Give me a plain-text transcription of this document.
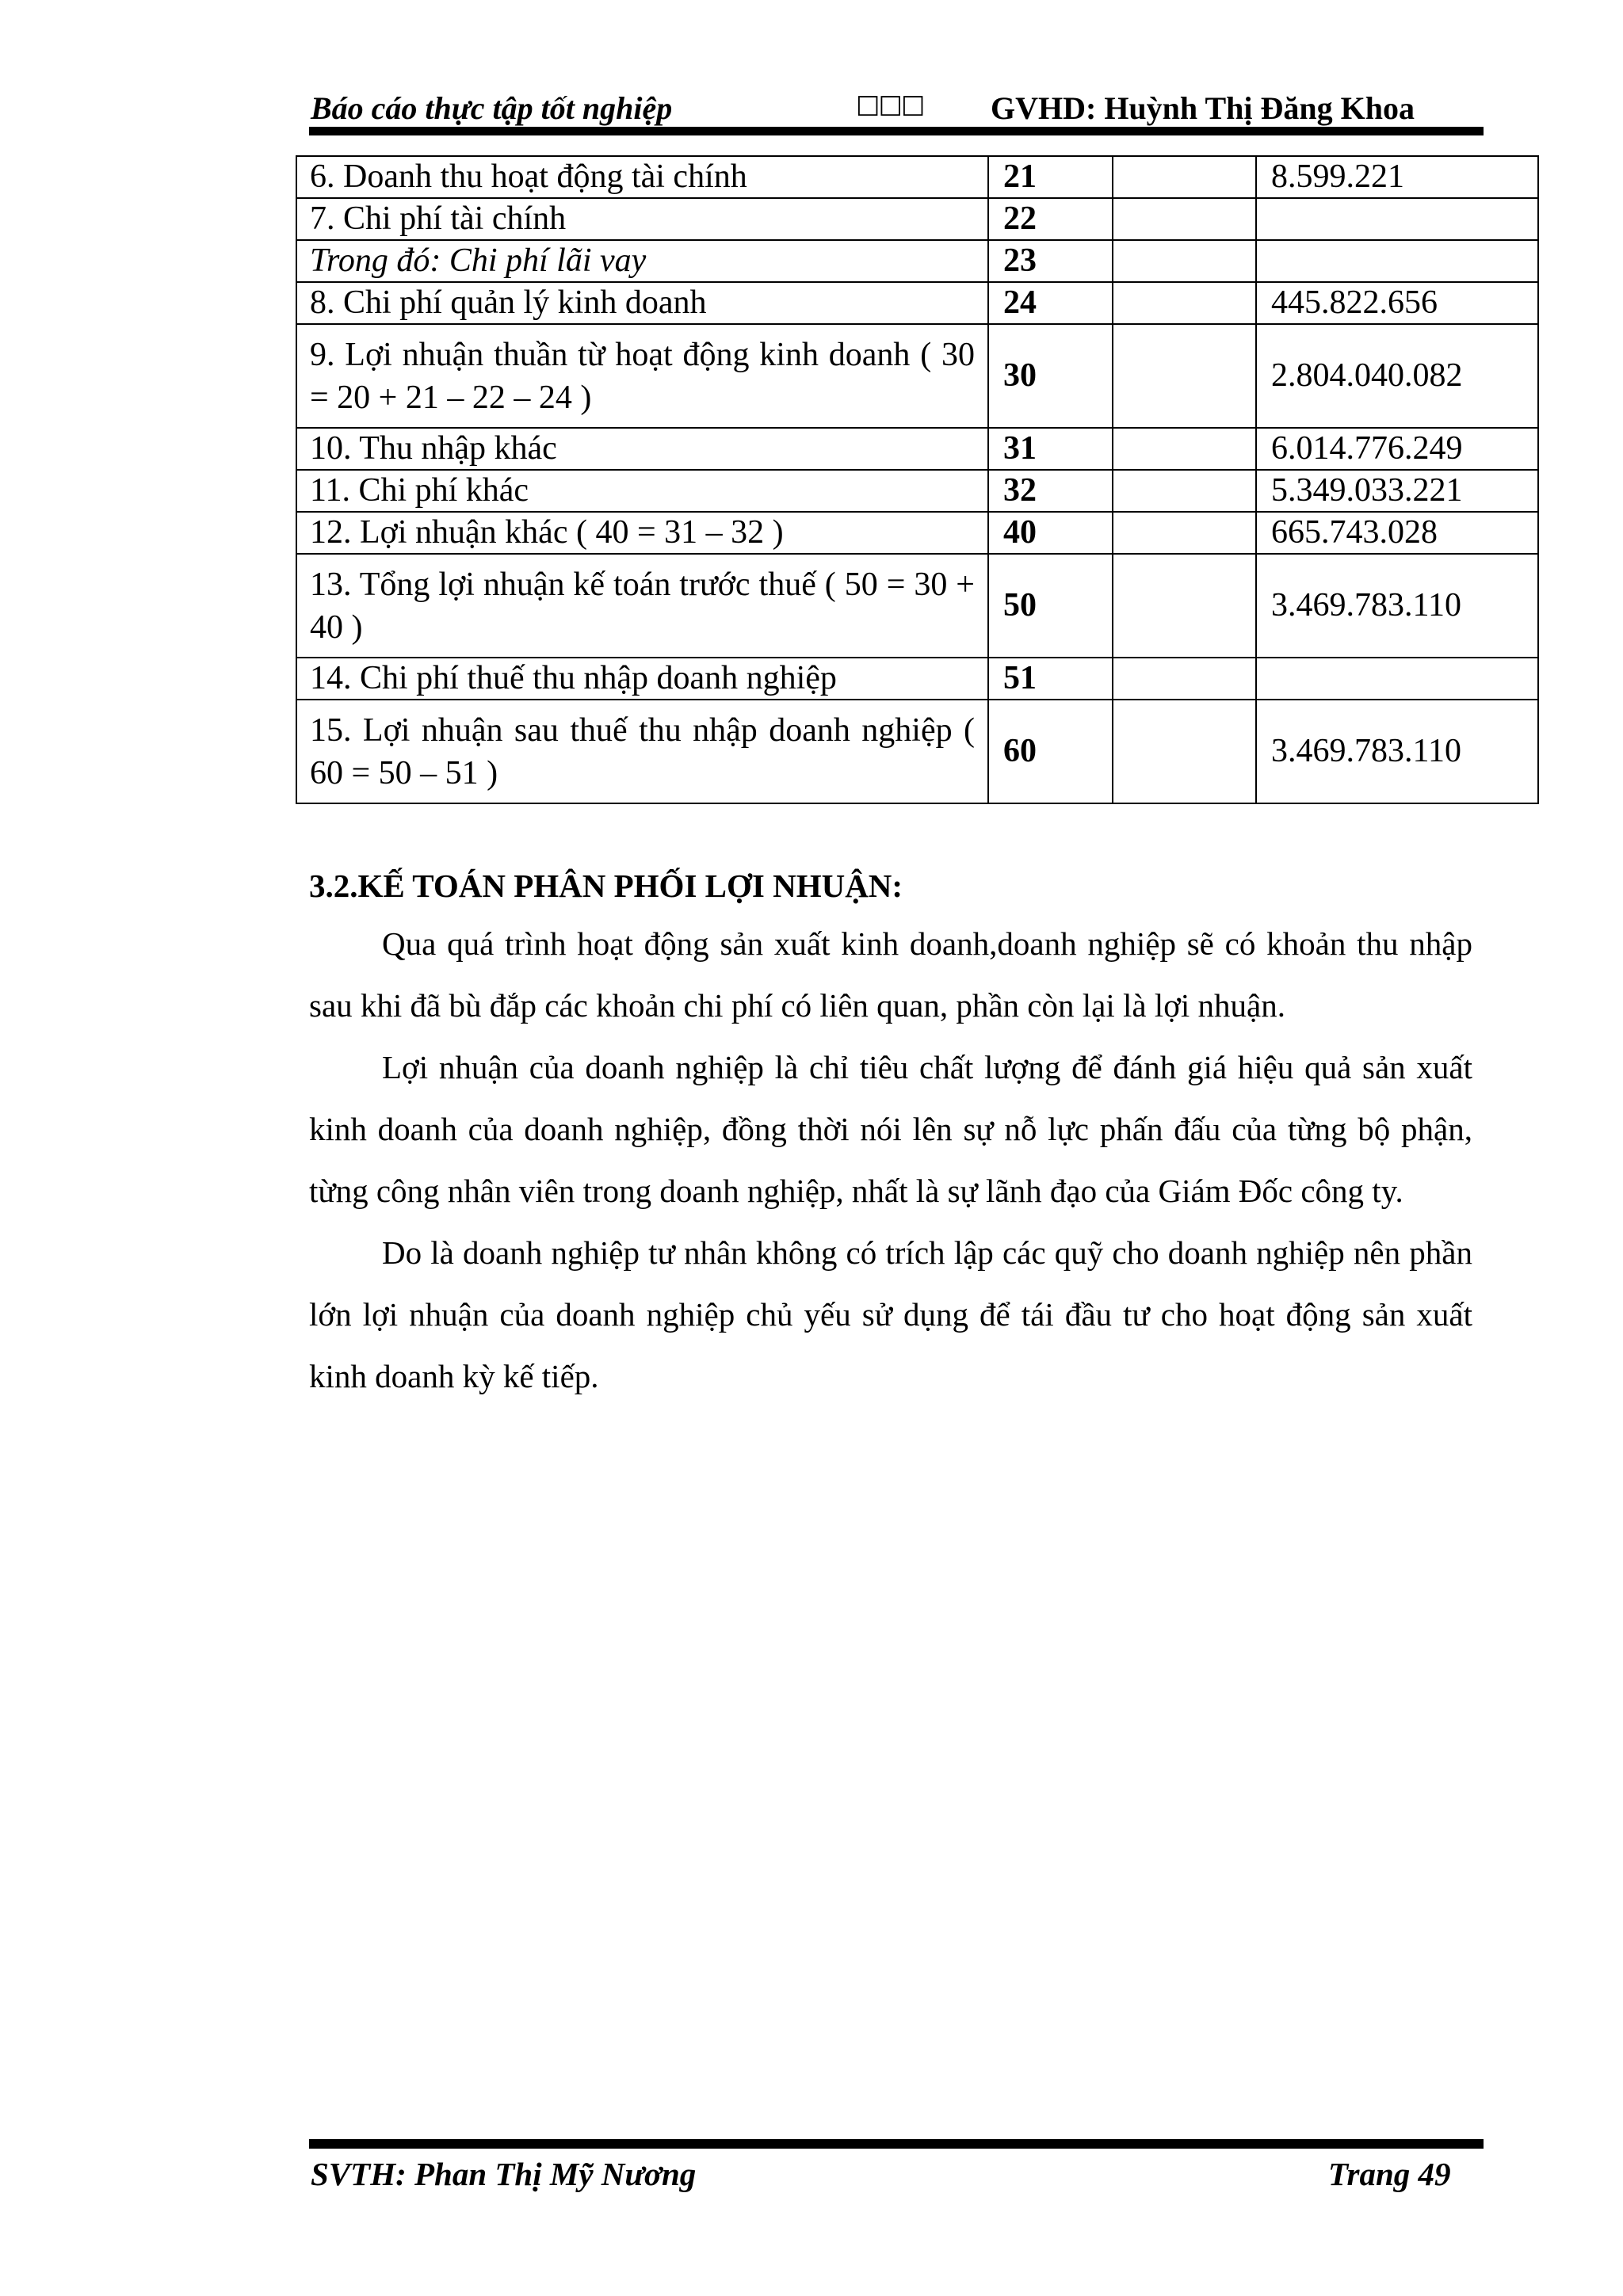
Báo cáo thực tập tốt nghiệp	☐☐☐ GVHD: Huỳnh Thị Đăng Khoa
6. Doanh thu hoạt động tài chính	21		8.599.221
7. Chi phí tài chính	22		
Trong đó: Chi phí lãi vay	23		
8. Chi phí quản lý kinh doanh	24		445.822.656
9. Lợi nhuận thuần từ hoạt động kinh doanh ( 30 = 20 + 21 – 22 – 24 )	30		2.804.040.082
10. Thu nhập khác	31		6.014.776.249
11. Chi phí khác	32		5.349.033.221
12. Lợi nhuận khác ( 40 = 31 – 32 )	40		665.743.028
13. Tổng lợi nhuận kế toán trước thuế ( 50 = 30 + 40 )	50		3.469.783.110
14. Chi phí thuế thu nhập doanh nghiệp	51		
15. Lợi nhuận sau thuế thu nhập doanh nghiệp ( 60 = 50 – 51 )	60		3.469.783.110
3.2.KẾ TOÁN PHÂN PHỐI LỢI NHUẬN:

Qua quá trình hoạt động sản xuất kinh doanh,doanh nghiệp sẽ có khoản thu nhập sau khi đã bù đắp các khoản chi phí có liên quan, phần còn lại là lợi nhuận.

Lợi nhuận của doanh nghiệp là chỉ tiêu chất lượng để đánh giá hiệu quả sản xuất kinh doanh của doanh nghiệp, đồng thời nói lên sự nỗ lực phấn đấu của từng bộ phận, từng công nhân viên trong doanh nghiệp, nhất là sự lãnh đạo của Giám Đốc công ty.

Do là doanh nghiệp tư nhân không có trích lập các quỹ cho doanh nghiệp nên phần lớn lợi nhuận của doanh nghiệp chủ yếu sử dụng để tái đầu tư cho hoạt động sản xuất kinh doanh kỳ kế tiếp.

SVTH: Phan Thị Mỹ Nương	Trang 49
